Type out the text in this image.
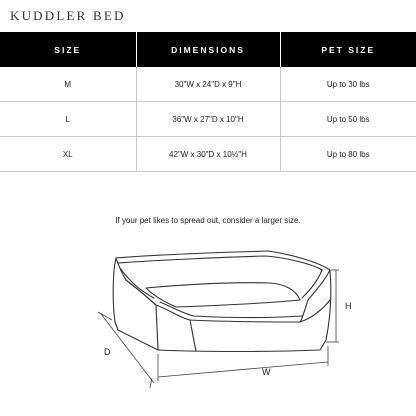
KUDDLER BED
SIZE	DIMENSIONS	PET SIZE
M	30"W x 24"D x 9"H	Up to 30 lbs
L	36"W x 27"D x 10"H	Up to 50 lbs
XL	42"W x 30"D x 10½"H	Up to 80 lbs
If your pet likes to spread out, consider a larger size.
H
D
W
